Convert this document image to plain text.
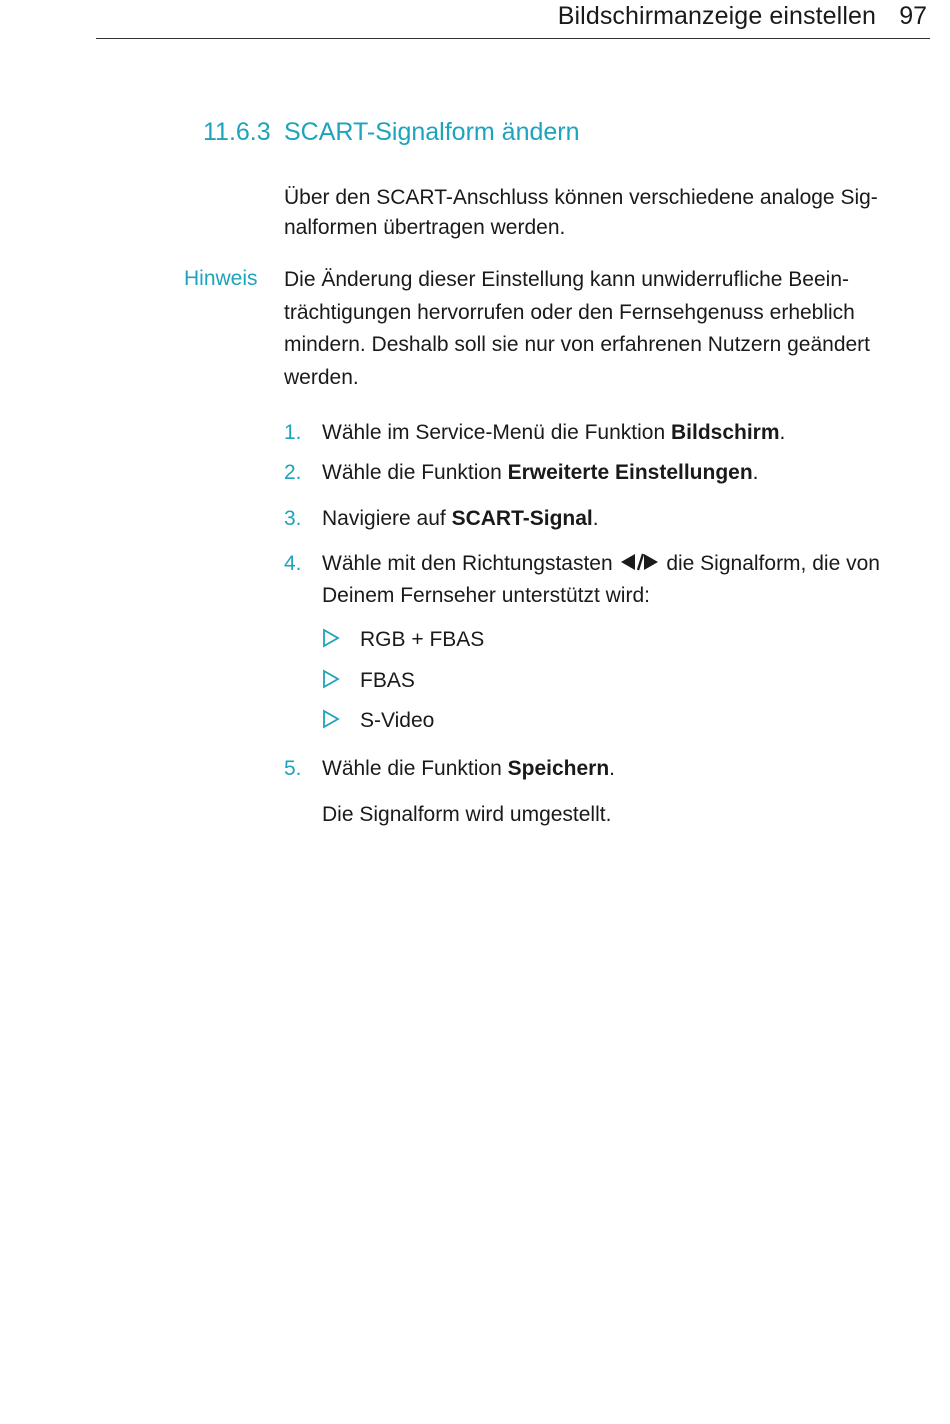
Bildschirmanzeige einstellen 97
11.6.3 SCART-Signalform ändern
Über den SCART-Anschluss können verschiedene analoge Sig-
nalformen übertragen werden.
Hinweis Die Änderung dieser Einstellung kann unwiderrufliche Beein-
trächtigungen hervorrufen oder den Fernsehgenuss erheblich
mindern. Deshalb soll sie nur von erfahrenen Nutzern geändert
werden.
1. Wähle im Service-Menü die Funktion Bildschirm.
2. Wähle die Funktion Erweiterte Einstellungen.
3. Navigiere auf SCART-Signal.
4. Wähle mit den Richtungstasten  die Signalform, die von
Deinem Fernseher unterstützt wird:
RGB + FBAS
FBAS
S-Video
5. Wähle die Funktion Speichern.
Die Signalform wird umgestellt.
